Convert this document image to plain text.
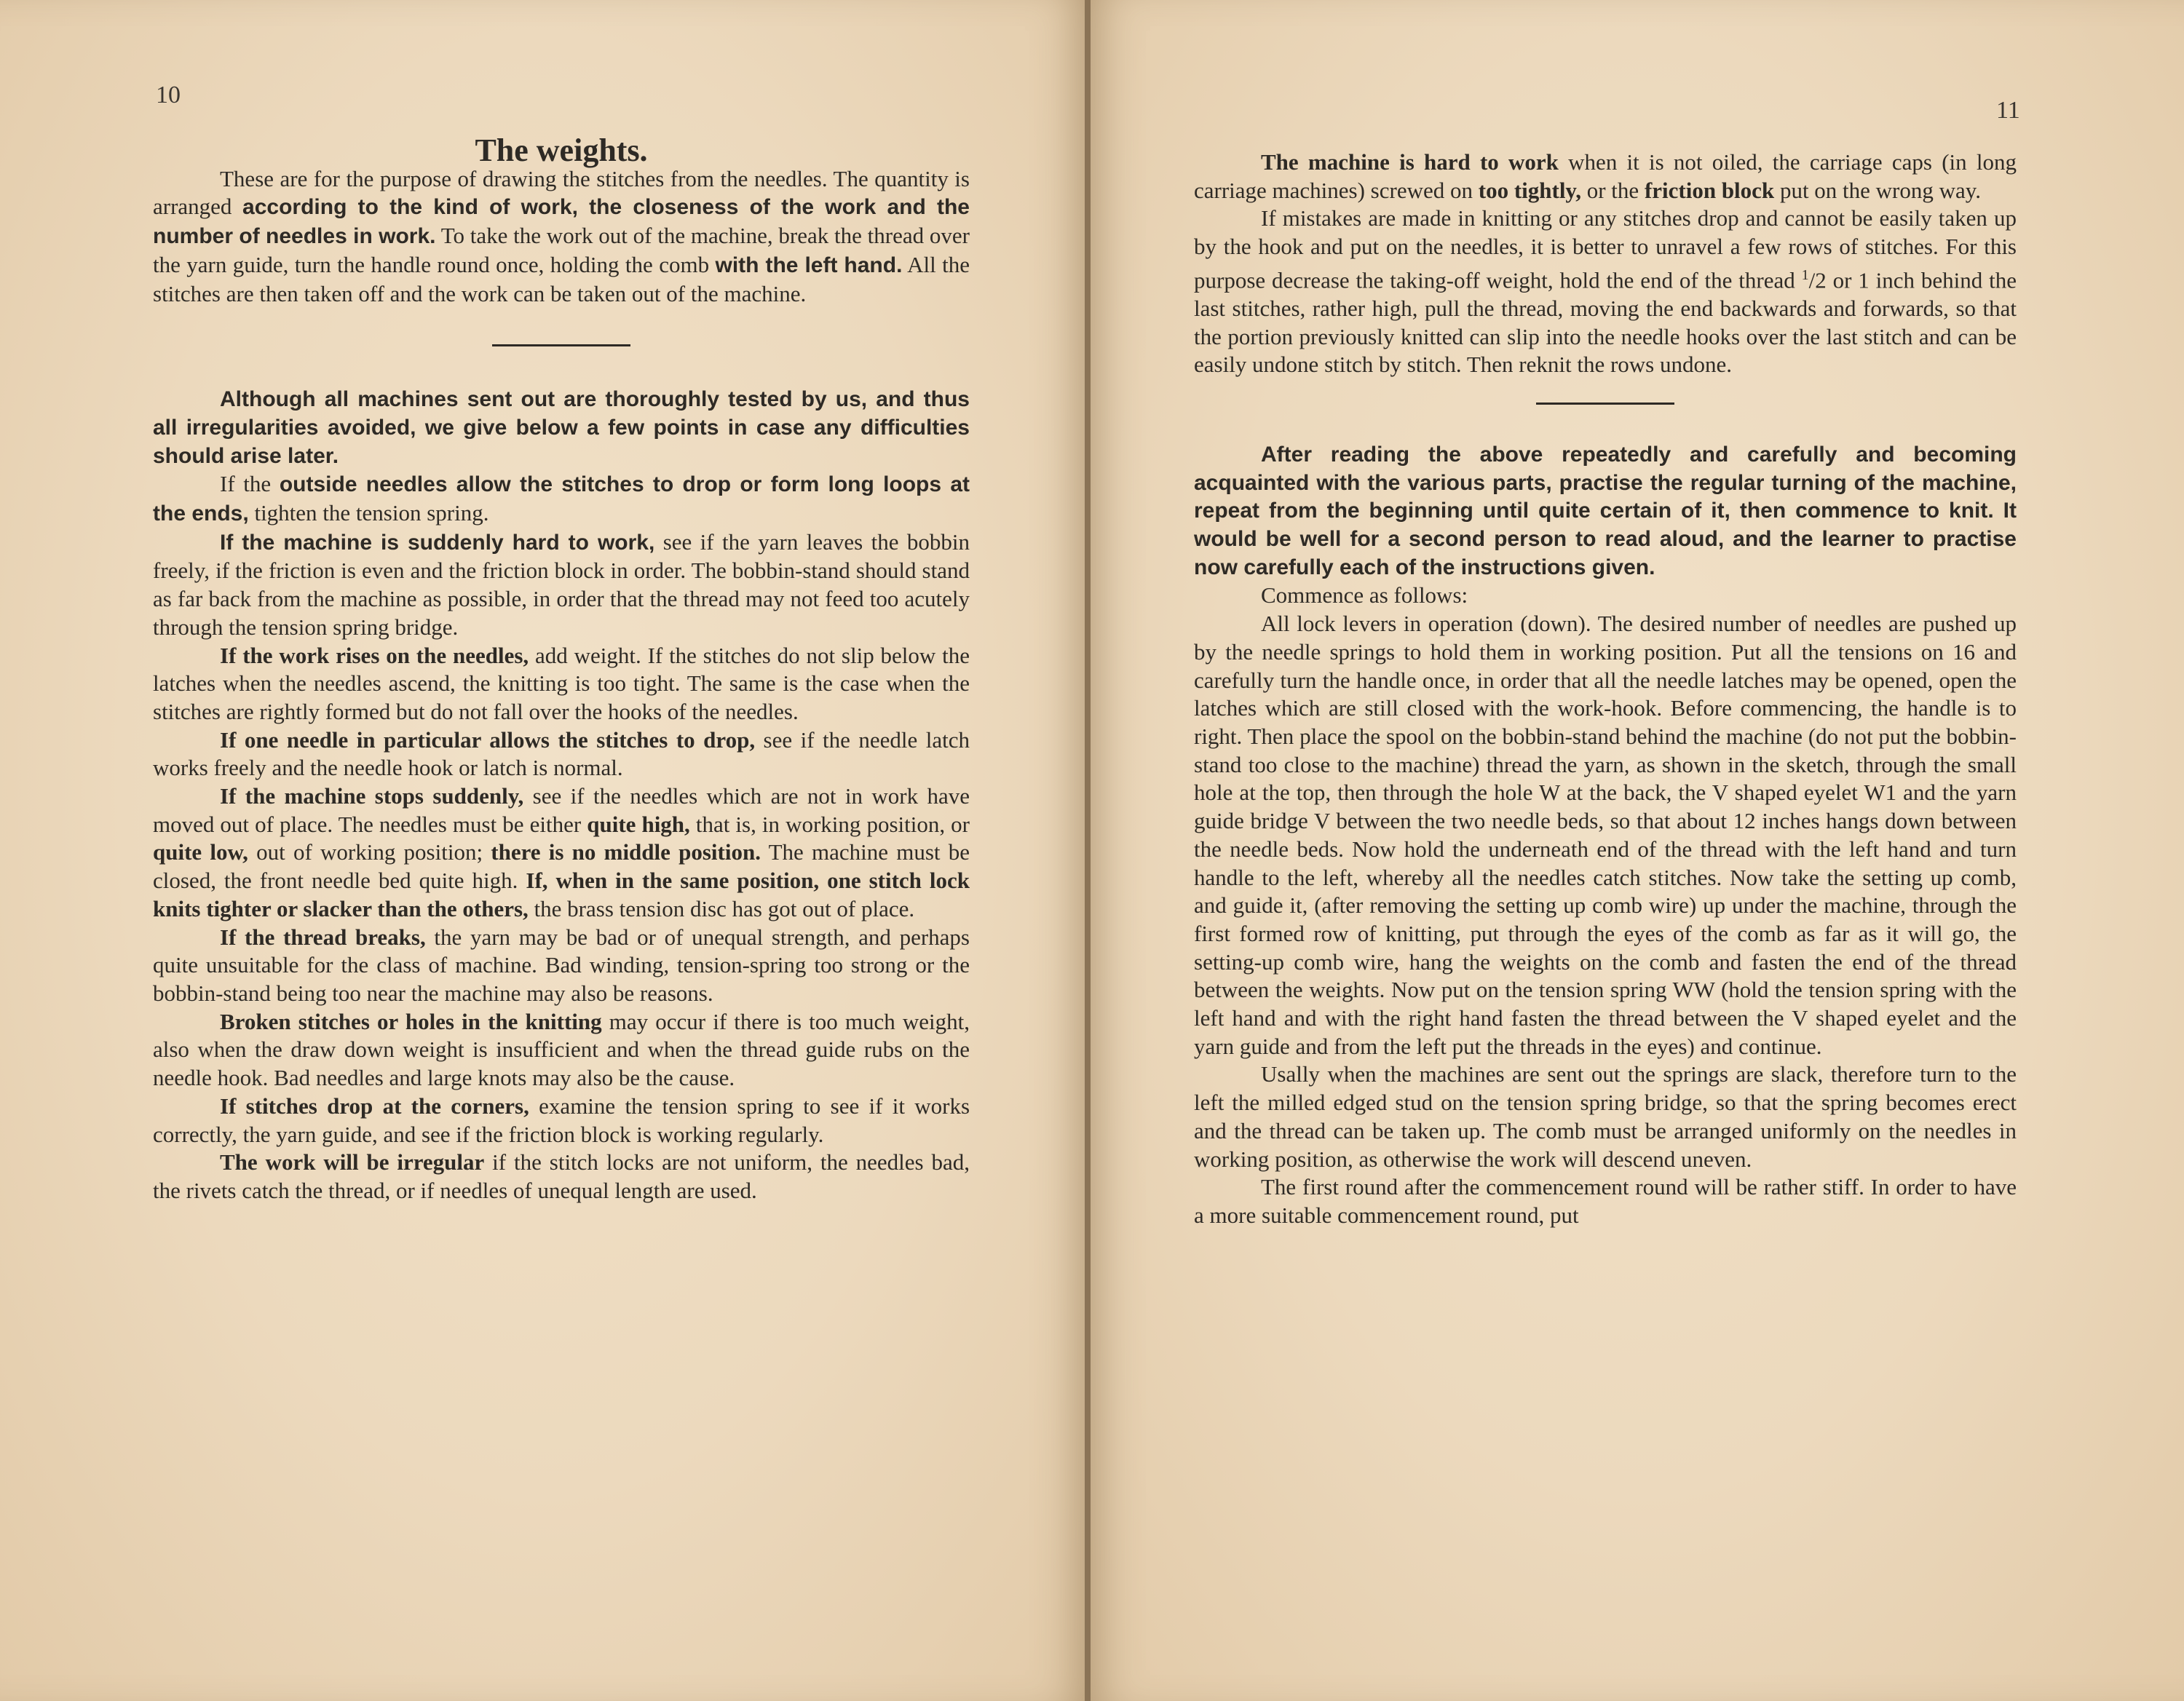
10

The weights.

These are for the purpose of drawing the stitches from the needles. The quantity is arranged according to the kind of work, the closeness of the work and the number of needles in work. To take the work out of the machine, break the thread over the yarn guide, turn the handle round once, holding the comb with the left hand. All the stitches are then taken off and the work can be taken out of the machine.

Although all machines sent out are thoroughly tested by us, and thus all irregularities avoided, we give below a few points in case any difficulties should arise later.

If the outside needles allow the stitches to drop or form long loops at the ends, tighten the tension spring.

If the machine is suddenly hard to work, see if the yarn leaves the bobbin freely, if the friction is even and the friction block in order. The bobbin-stand should stand as far back from the machine as possible, in order that the thread may not feed too acutely through the tension spring bridge.

If the work rises on the needles, add weight. If the stitches do not slip below the latches when the needles ascend, the knitting is too tight. The same is the case when the stitches are rightly formed but do not fall over the hooks of the needles.

If one needle in particular allows the stitches to drop, see if the needle latch works freely and the needle hook or latch is normal.

If the machine stops suddenly, see if the needles which are not in work have moved out of place. The needles must be either quite high, that is, in working position, or quite low, out of working position; there is no middle position. The machine must be closed, the front needle bed quite high. If, when in the same position, one stitch lock knits tighter or slacker than the others, the brass tension disc has got out of place.

If the thread breaks, the yarn may be bad or of unequal strength, and perhaps quite unsuitable for the class of machine. Bad winding, tension-spring too strong or the bobbin-stand being too near the machine may also be reasons.

Broken stitches or holes in the knitting may occur if there is too much weight, also when the draw down weight is insufficient and when the thread guide rubs on the needle hook. Bad needles and large knots may also be the cause.

If stitches drop at the corners, examine the tension spring to see if it works correctly, the yarn guide, and see if the friction block is working regularly.

The work will be irregular if the stitch locks are not uniform, the needles bad, the rivets catch the thread, or if needles of unequal length are used.

11

The machine is hard to work when it is not oiled, the carriage caps (in long carriage machines) screwed on too tightly, or the friction block put on the wrong way.

If mistakes are made in knitting or any stitches drop and cannot be easily taken up by the hook and put on the needles, it is better to unravel a few rows of stitches. For this purpose decrease the taking-off weight, hold the end of the thread $^1$/2 or 1 inch behind the last stitches, rather high, pull the thread, moving the end backwards and forwards, so that the portion previously knitted can slip into the needle hooks over the last stitch and can be easily undone stitch by stitch. Then reknit the rows undone.

After reading the above repeatedly and carefully and becoming acquainted with the various parts, practise the regular turning of the machine, repeat from the beginning until quite certain of it, then commence to knit. It would be well for a second person to read aloud, and the learner to practise now carefully each of the instructions given.

Commence as follows:

All lock levers in operation (down). The desired number of needles are pushed up by the needle springs to hold them in working position. Put all the tensions on 16 and carefully turn the handle once, in order that all the needle latches may be opened, open the latches which are still closed with the work-hook. Before commencing, the handle is to right. Then place the spool on the bobbin-stand behind the machine (do not put the bobbin-stand too close to the machine) thread the yarn, as shown in the sketch, through the small hole at the top, then through the hole W at the back, the V shaped eyelet W1 and the yarn guide bridge V between the two needle beds, so that about 12 inches hangs down between the needle beds. Now hold the underneath end of the thread with the left hand and turn handle to the left, whereby all the needles catch stitches. Now take the setting up comb, and guide it, (after removing the setting up comb wire) up under the machine, through the first formed row of knitting, put through the eyes of the comb as far as it will go, the setting-up comb wire, hang the weights on the comb and fasten the end of the thread between the weights. Now put on the tension spring WW (hold the tension spring with the left hand and with the right hand fasten the thread between the V shaped eyelet and the yarn guide and from the left put the threads in the eyes) and continue.

Usally when the machines are sent out the springs are slack, therefore turn to the left the milled edged stud on the tension spring bridge, so that the spring becomes erect and the thread can be taken up. The comb must be arranged uniformly on the needles in working position, as otherwise the work will descend uneven.

The first round after the commencement round will be rather stiff. In order to have a more suitable commencement round, put
